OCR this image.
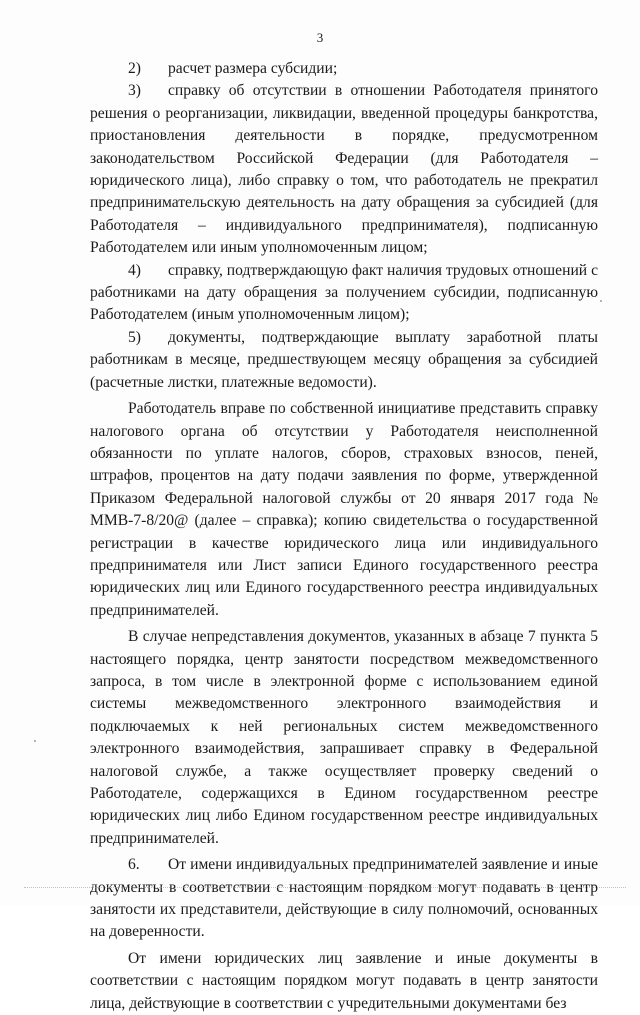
3

2) расчет размера субсидии;

3) справку об отсутствии в отношении Работодателя принятого решения о реорганизации, ликвидации, введенной процедуры банкротства, приостановления деятельности в порядке, предусмотренном законодательством Российской Федерации (для Работодателя – юридического лица), либо справку о том, что работодатель не прекратил предпринимательскую деятельность на дату обращения за субсидией (для Работодателя – индивидуального предпринимателя), подписанную Работодателем или иным уполномоченным лицом;

4) справку, подтверждающую факт наличия трудовых отношений с работниками на дату обращения за получением субсидии, подписанную Работодателем (иным уполномоченным лицом);

5) документы, подтверждающие выплату заработной платы работникам в месяце, предшествующем месяцу обращения за субсидией (расчетные листки, платежные ведомости).

Работодатель вправе по собственной инициативе представить справку налогового органа об отсутствии у Работодателя неисполненной обязанности по уплате налогов, сборов, страховых взносов, пеней, штрафов, процентов на дату подачи заявления по форме, утвержденной Приказом Федеральной налоговой службы от 20 января 2017 года № ММВ-7-8/20@ (далее – справка); копию свидетельства о государственной регистрации в качестве юридического лица или индивидуального предпринимателя или Лист записи Единого государственного реестра юридических лиц или Единого государственного реестра индивидуальных предпринимателей.

В случае непредставления документов, указанных в абзаце 7 пункта 5 настоящего порядка, центр занятости посредством межведомственного запроса, в том числе в электронной форме с использованием единой системы межведомственного электронного взаимодействия и подключаемых к ней региональных систем межведомственного электронного взаимодействия, запрашивает справку в Федеральной налоговой службе, а также осуществляет проверку сведений о Работодателе, содержащихся в Едином государственном реестре юридических лиц либо Едином государственном реестре индивидуальных предпринимателей.

6. От имени индивидуальных предпринимателей заявление и иные документы в соответствии с настоящим порядком могут подавать в центр занятости их представители, действующие в силу полномочий, основанных на доверенности.

От имени юридических лиц заявление и иные документы в соответствии с настоящим порядком могут подавать в центр занятости лица, действующие в соответствии с учредительными документами без
